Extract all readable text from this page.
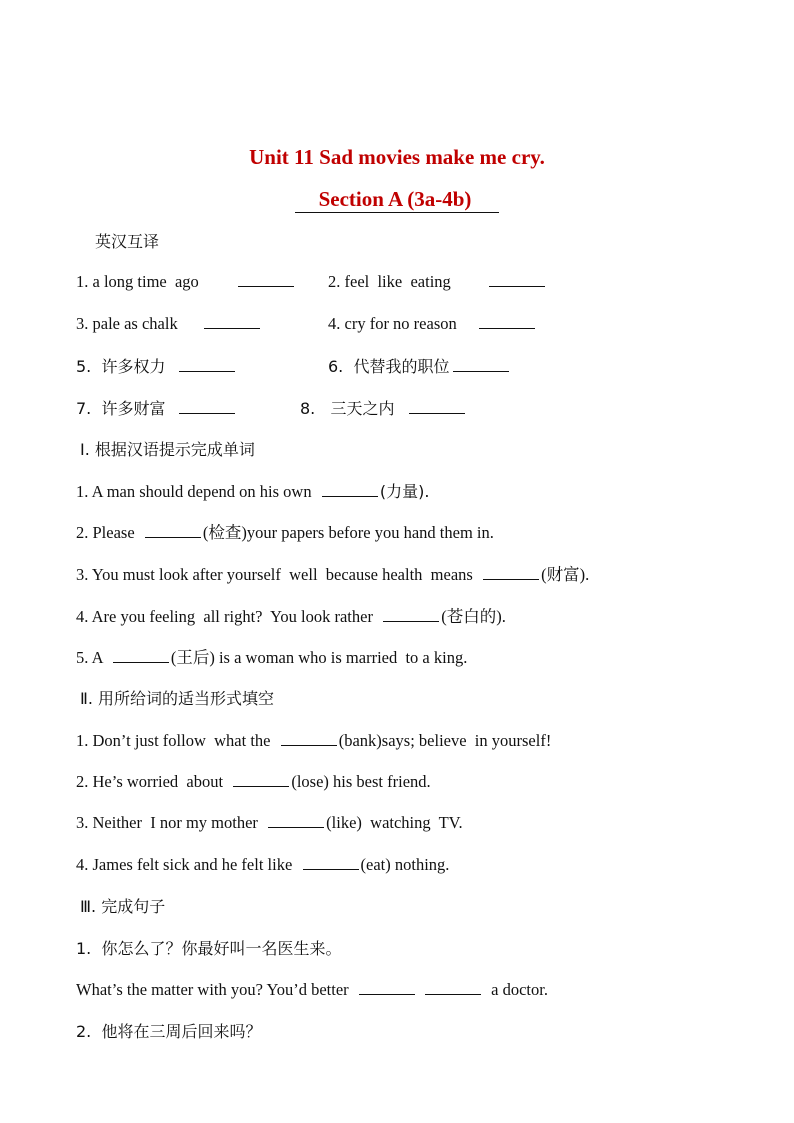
Unit 11 Sad movies make me cry.
Section A (3a-4b)
英汉互译
1. a long time  ago	2. feel  like  eating
3. pale as chalk	4. cry for no reason
5.  许多权力	6.  代替我的职位
7.  许多财富	8.   三天之内
Ⅰ. 根据汉语提示完成单词
1. A man should depend on his own	(力量).
2. Please	(检查)your papers before you hand them in.
3. You must look after yourself  well  because health  means	(财富).
4. Are you feeling  all right?  You look rather	(苍白的).
5. A	(王后) is a woman who is married  to a king.
Ⅱ. 用所给词的适当形式填空
1. Don’t just follow  what the	(bank)says; believe  in yourself!
2. He’s worried  about	(lose) his best friend.
3. Neither  I nor my mother	(like)  watching  TV.
4. James felt sick and he felt like	(eat) nothing.
Ⅲ. 完成句子
1.  你怎么了？你最好叫一名医生来。
What’s the matter with you? You’d better	a doctor.
2.  他将在三周后回来吗？
